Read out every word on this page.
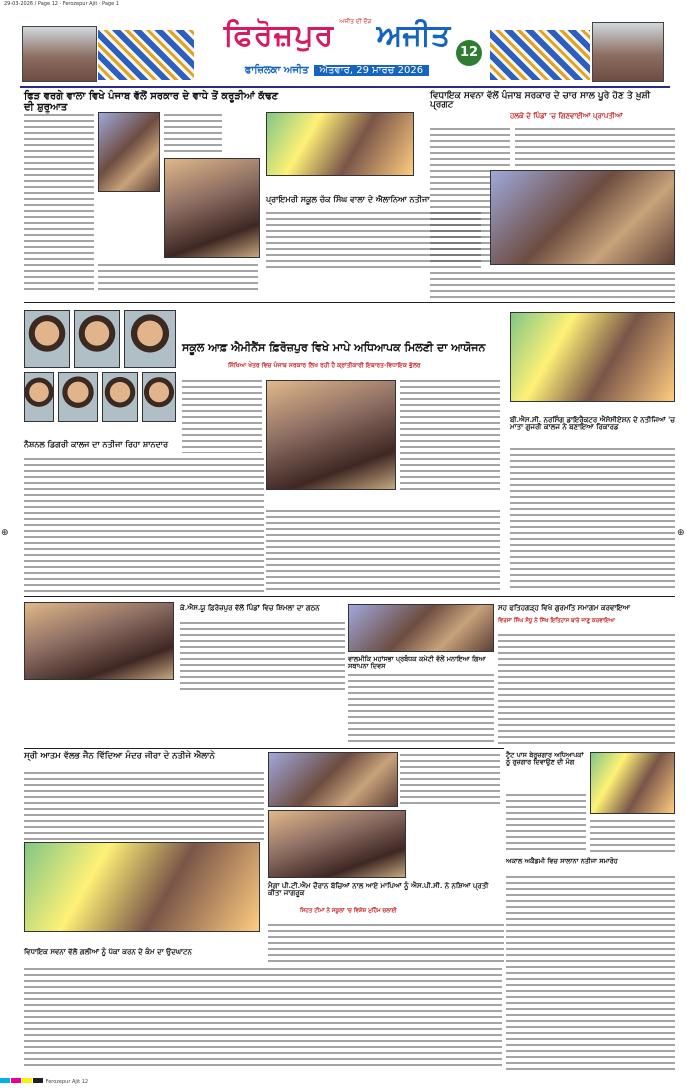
29-03-2026 / Page 12 · Ferozepur Ajit · Page 1
⊕	⊕
ਫਿਰੋਜ਼ਪੁਰ $^{ਅਜੀਤ ਦੀ ਦੌੜ}$ ਅਜੀਤ
ਫਾਜ਼ਿਲਕਾ ਅਜੀਤ ਐਤਵਾਰ, 29 ਮਾਰਚ 2026
12
ਫਿੜ ਵਰਗੇ ਵਾਲਾ ਵਿਖੇ ਪੰਜਾਬ ਵੱਲੋਂ ਸਰਕਾਰ ਦੇ ਵਾਧੇ ਤੋਂ ਕਰੂੜੀਆਂ ਕੱਢਣ ਦੀ ਸ਼ੁਰੂਆਤ
ਪ੍ਰਾਇਮਰੀ ਸਕੂਲ ਚੱਕ ਸਿੰਘ ਵਾਲਾ ਦੇ ਐਲਾਨਿਆ ਨਤੀਜਾ
ਵਿਧਾਇਕ ਸਵਨਾ ਵੱਲੋਂ ਪੰਜਾਬ ਸਰਕਾਰ ਦੇ ਚਾਰ ਸਾਲ ਪੂਰੇ ਹੋਣ ਤੇ ਖ਼ੁਸ਼ੀ ਪ੍ਰਗਟ
ਹਲਕੇ ਦੇ ਪਿੰਡਾਂ 'ਚ ਗਿਣਵਾਈਆਂ ਪ੍ਰਾਪਤੀਆਂ
ਨੈਸ਼ਨਲ ਡਿਗਰੀ ਕਾਲਜ ਦਾ ਨਤੀਜਾ ਰਿਹਾ ਸ਼ਾਨਦਾਰ
ਸਕੂਲ ਆਫ਼ ਐਮੀਨੈਂਸ ਫ਼ਿਰੋਜ਼ਪੁਰ ਵਿਖੇ ਮਾਪੇ ਅਧਿਆਪਕ ਮਿਲਣੀ ਦਾ ਆਯੋਜਨ
ਸਿੱਖਿਆ ਖੇਤਰ ਵਿਚ ਪੰਜਾਬ ਸਰਕਾਰ ਲਿਖ ਰਹੀ ਹੈ ਕ੍ਰਾਂਤੀਕਾਰੀ ਇਬਾਰਤ-ਵਿਧਾਇਕ ਭੁੱਲਰ
ਬੀ.ਐਸ.ਸੀ. ਨਰਸਿੰਗ ਡਾਇਰੈਕਟਰ ਐਸੋਸੀਏਸ਼ਨ ਦੇ ਨਤੀਜਿਆਂ 'ਚ ਮਾਤਾ ਗੁਜਰੀ ਕਾਲਜ ਨੇ ਬਣਾਇਆ ਰਿਕਾਰਡ
ਕੇ.ਐਸ.ਯੂ ਫ਼ਿਰੋਜ਼ਪੁਰ ਵੱਲੋਂ ਪਿੰਡਾਂ ਵਿਚ ਸ਼ਿਮਲਾ ਦਾ ਗਠਨ
ਵਾਲਮੀਕਿ ਮਹਾਂਸਭਾ ਪ੍ਰਬੰਧਕ ਕਮੇਟੀ ਵੱਲੋਂ ਮਨਾਇਆ ਗਿਆ ਸਥਾਪਨਾ ਦਿਵਸ
ਸਹ ਫਤਿਹਗੜ੍ਹ ਵਿਖੇ ਗੁਰਮਤਿ ਸਮਾਗਮ ਕਰਵਾਇਆ
ਵਿਰਸਾ ਸਿੰਘ ਸੰਧੂ ਨੇ ਸਿੱਖ ਇਤਿਹਾਸ ਬਾਰੇ ਜਾਣੂ ਕਰਵਾਇਆ
ਸ੍ਰੀ ਆਤਮ ਵੱਲਭ ਜੈਨ ਵਿੱਦਿਆ ਮੰਦਰ ਜੀਰਾ ਦੇ ਨਤੀਜੇ ਐਲਾਨੇ
ਮੈਗਾ ਪੀ.ਟੀ.ਐਮ ਦੌਰਾਨ ਬੱਚਿਆਂ ਨਾਲ ਆਏ ਮਾਪਿਆਂ ਨੂੰ ਐਸ.ਪੀ.ਸੀ. ਨੇ ਨਸ਼ਿਆਂ ਪ੍ਰਤੀ ਕੀਤਾ ਜਾਗਰੂਕ
ਸਿਹਤ ਟੀਮਾਂ ਨੇ ਸਕੂਲਾਂ 'ਚ ਵਿਸ਼ੇਸ਼ ਮੁਹਿੰਮ ਚਲਾਈ
ਟੈਟ ਪਾਸ ਬੇਰੁਜ਼ਗਾਰ ਅਧਿਆਪਕਾਂ ਨੂੰ ਰੁਜ਼ਗਾਰ ਦਿਵਾਉਣ ਦੀ ਮੰਗ
ਅਕਾਲ ਅਕੈਡਮੀ ਵਿਚ ਸਾਲਾਨਾ ਨਤੀਜਾ ਸਮਾਰੋਹ
ਵਿਧਾਇਕ ਸਵਨਾ ਵੱਲੋਂ ਗਲੀਆਂ ਨੂੰ ਪੱਕਾ ਕਰਨ ਦੇ ਕੰਮ ਦਾ ਉਦਘਾਟਨ
Ferozepur Ajit 12
